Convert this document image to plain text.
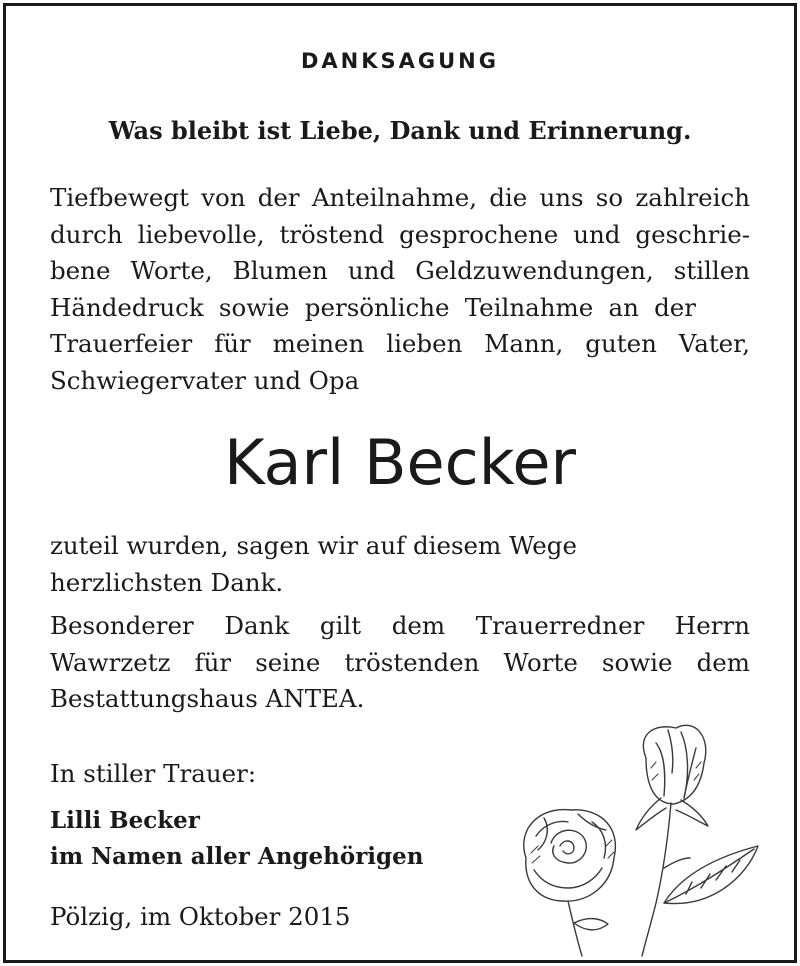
DANKSAGUNG
Was bleibt ist Liebe, Dank und Erinnerung.
Tiefbewegt von der Anteilnahme, die uns so zahlreich
durch liebevolle, tröstend gesprochene und geschrie-
bene Worte, Blumen und Geldzuwendungen, stillen
Händedruck sowie persönliche Teilnahme an der
Trauerfeier für meinen lieben Mann, guten Vater,
Schwiegervater und Opa
Karl Becker
zuteil wurden, sagen wir auf diesem Wege
herzlichsten Dank.
Besonderer Dank gilt dem Trauerredner Herrn
Wawrzetz für seine tröstenden Worte sowie dem
Bestattungshaus ANTEA.
In stiller Trauer:
Lilli Becker
im Namen aller Angehörigen
Pölzig, im Oktober 2015
